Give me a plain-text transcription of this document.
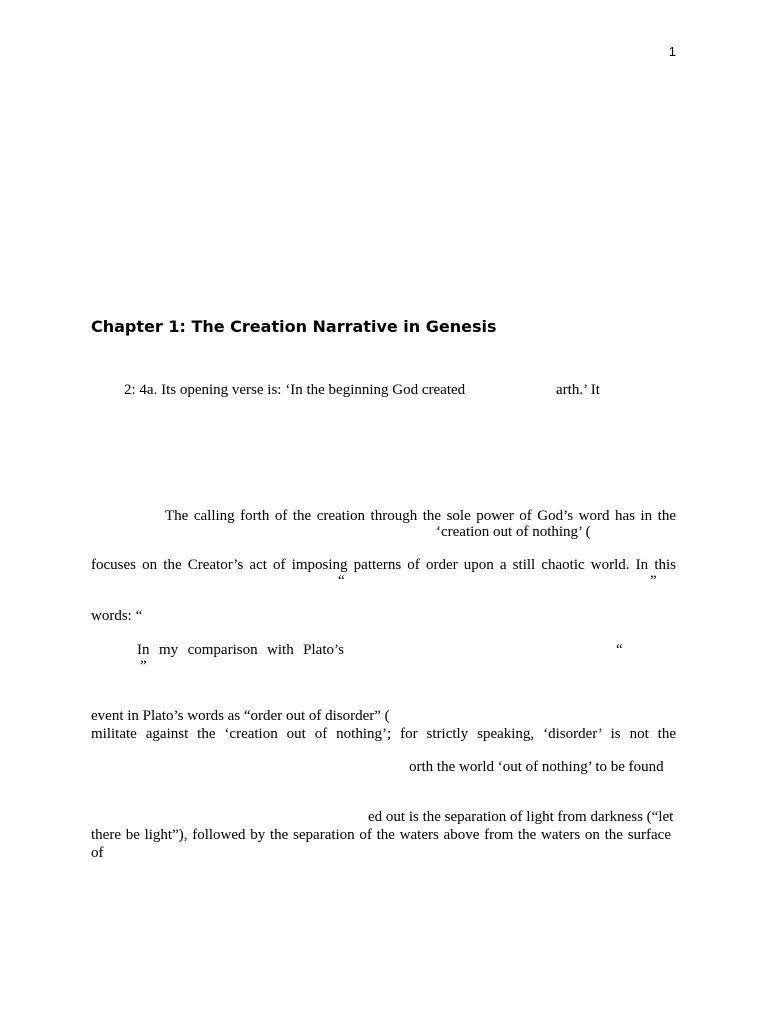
1
Chapter 1: The Creation Narrative in Genesis
2: 4a. Its opening verse is: ‘In the beginning God created	arth.’ It
The calling forth of the creation through the sole power of God’s word has in the
‘creation out of nothing’ (
focuses on the Creator’s act of imposing patterns of order upon a still chaotic world. In this
“	”
words: “
In my comparison with Plato’s	“
”
event in Plato’s words as “order out of disorder” (
militate against the ‘creation out of nothing’; for strictly speaking, ‘disorder’ is not the
orth the world ‘out of nothing’ to be found
ed out is the separation of light from darkness (“let
there be light”), followed by the separation of the waters above from the waters on the surface of
